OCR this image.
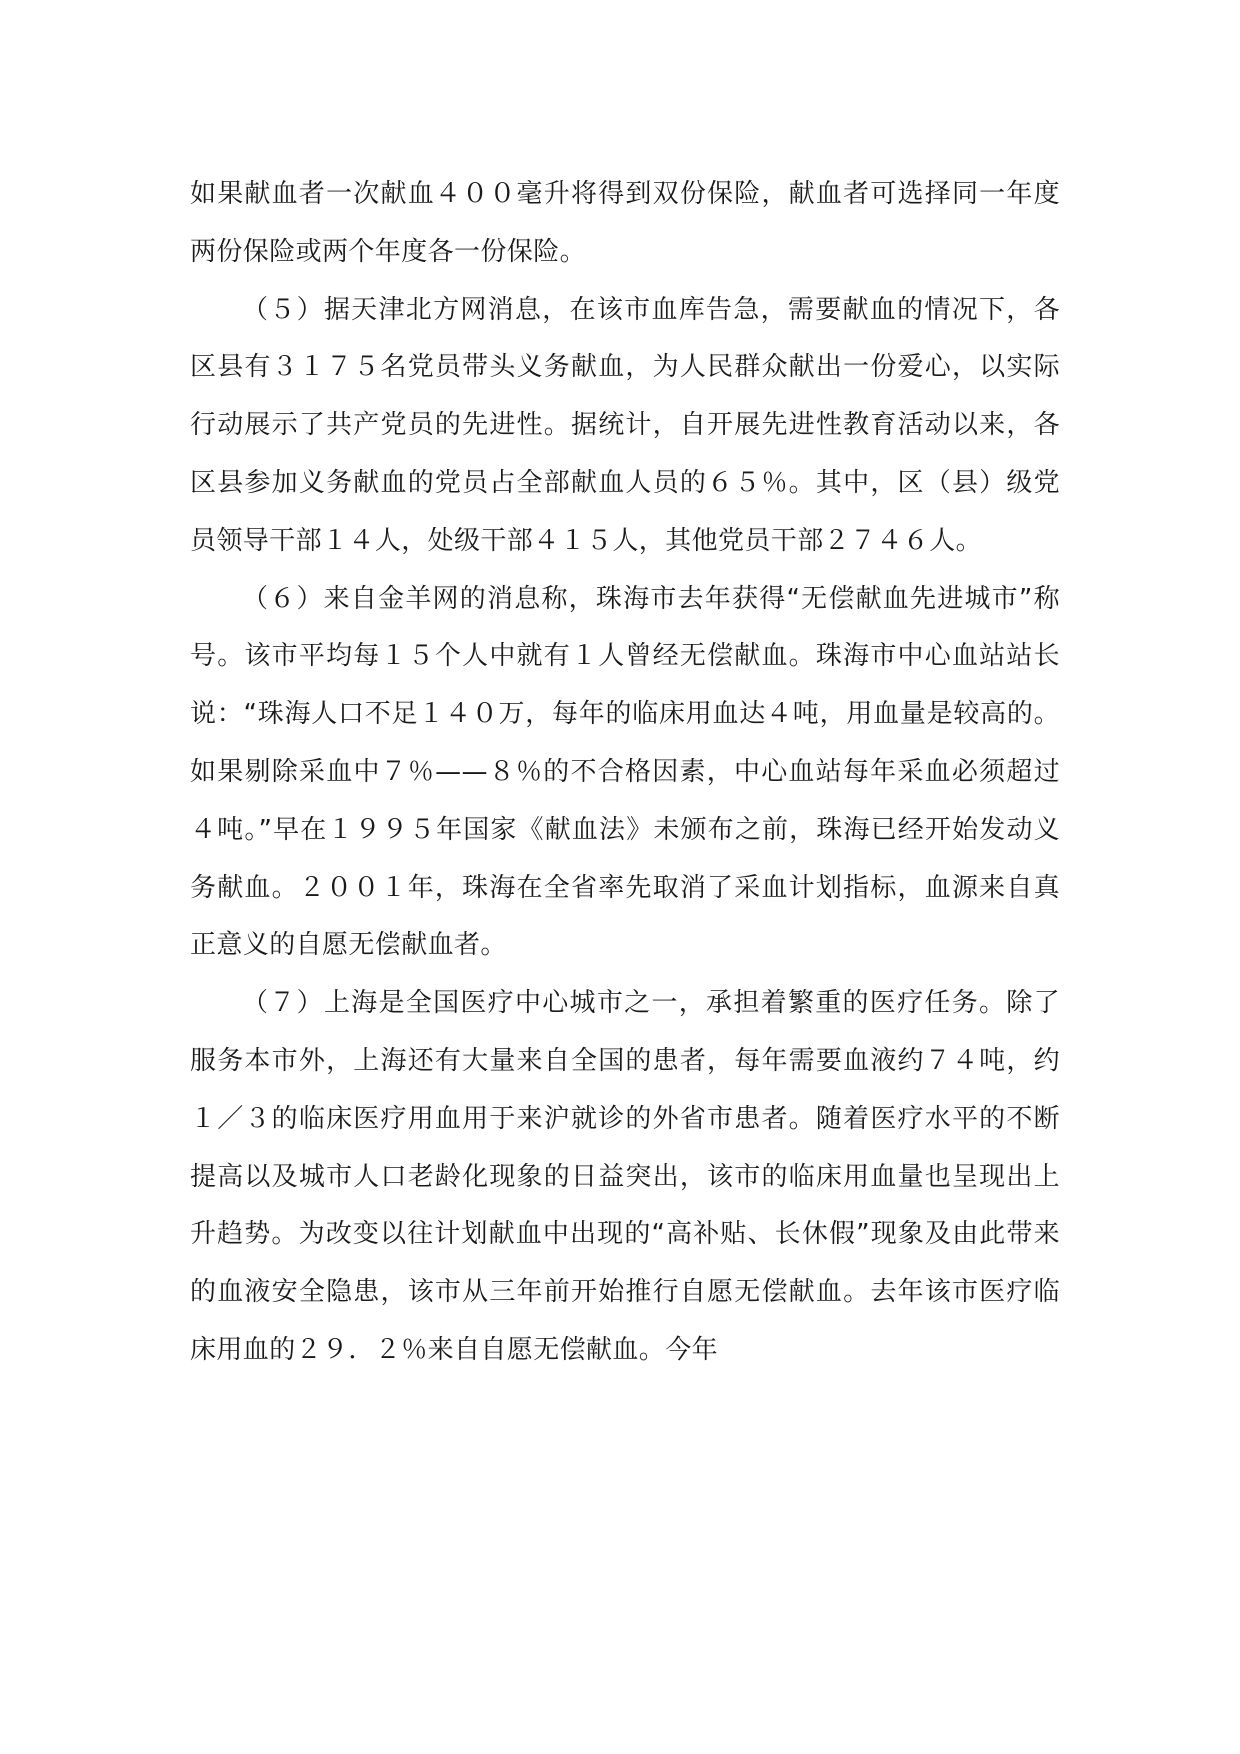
如果献血者一次献血４００毫升将得到双份保险，献血者可选择同一年度两份保险或两个年度各一份保险。

（５）据天津北方网消息，在该市血库告急，需要献血的情况下，各区县有３１７５名党员带头义务献血，为人民群众献出一份爱心，以实际行动展示了共产党员的先进性。据统计，自开展先进性教育活动以来，各区县参加义务献血的党员占全部献血人员的６５％。其中，区（县）级党员领导干部１４人，处级干部４１５人，其他党员干部２７４６人。

（６）来自金羊网的消息称，珠海市去年获得“无偿献血先进城市”称号。该市平均每１５个人中就有１人曾经无偿献血。珠海市中心血站站长说：“珠海人口不足１４０万，每年的临床用血达４吨，用血量是较高的。如果剔除采血中７％——８％的不合格因素，中心血站每年采血必须超过４吨。”早在１９９５年国家《献血法》未颁布之前，珠海已经开始发动义务献血。２００１年，珠海在全省率先取消了采血计划指标，血源来自真正意义的自愿无偿献血者。

（７）上海是全国医疗中心城市之一，承担着繁重的医疗任务。除了服务本市外，上海还有大量来自全国的患者，每年需要血液约７４吨，约１／３的临床医疗用血用于来沪就诊的外省市患者。随着医疗水平的不断提高以及城市人口老龄化现象的日益突出，该市的临床用血量也呈现出上升趋势。为改变以往计划献血中出现的“高补贴、长休假”现象及由此带来的血液安全隐患，该市从三年前开始推行自愿无偿献血。去年该市医疗临床用血的２９．２％来自自愿无偿献血。今年
